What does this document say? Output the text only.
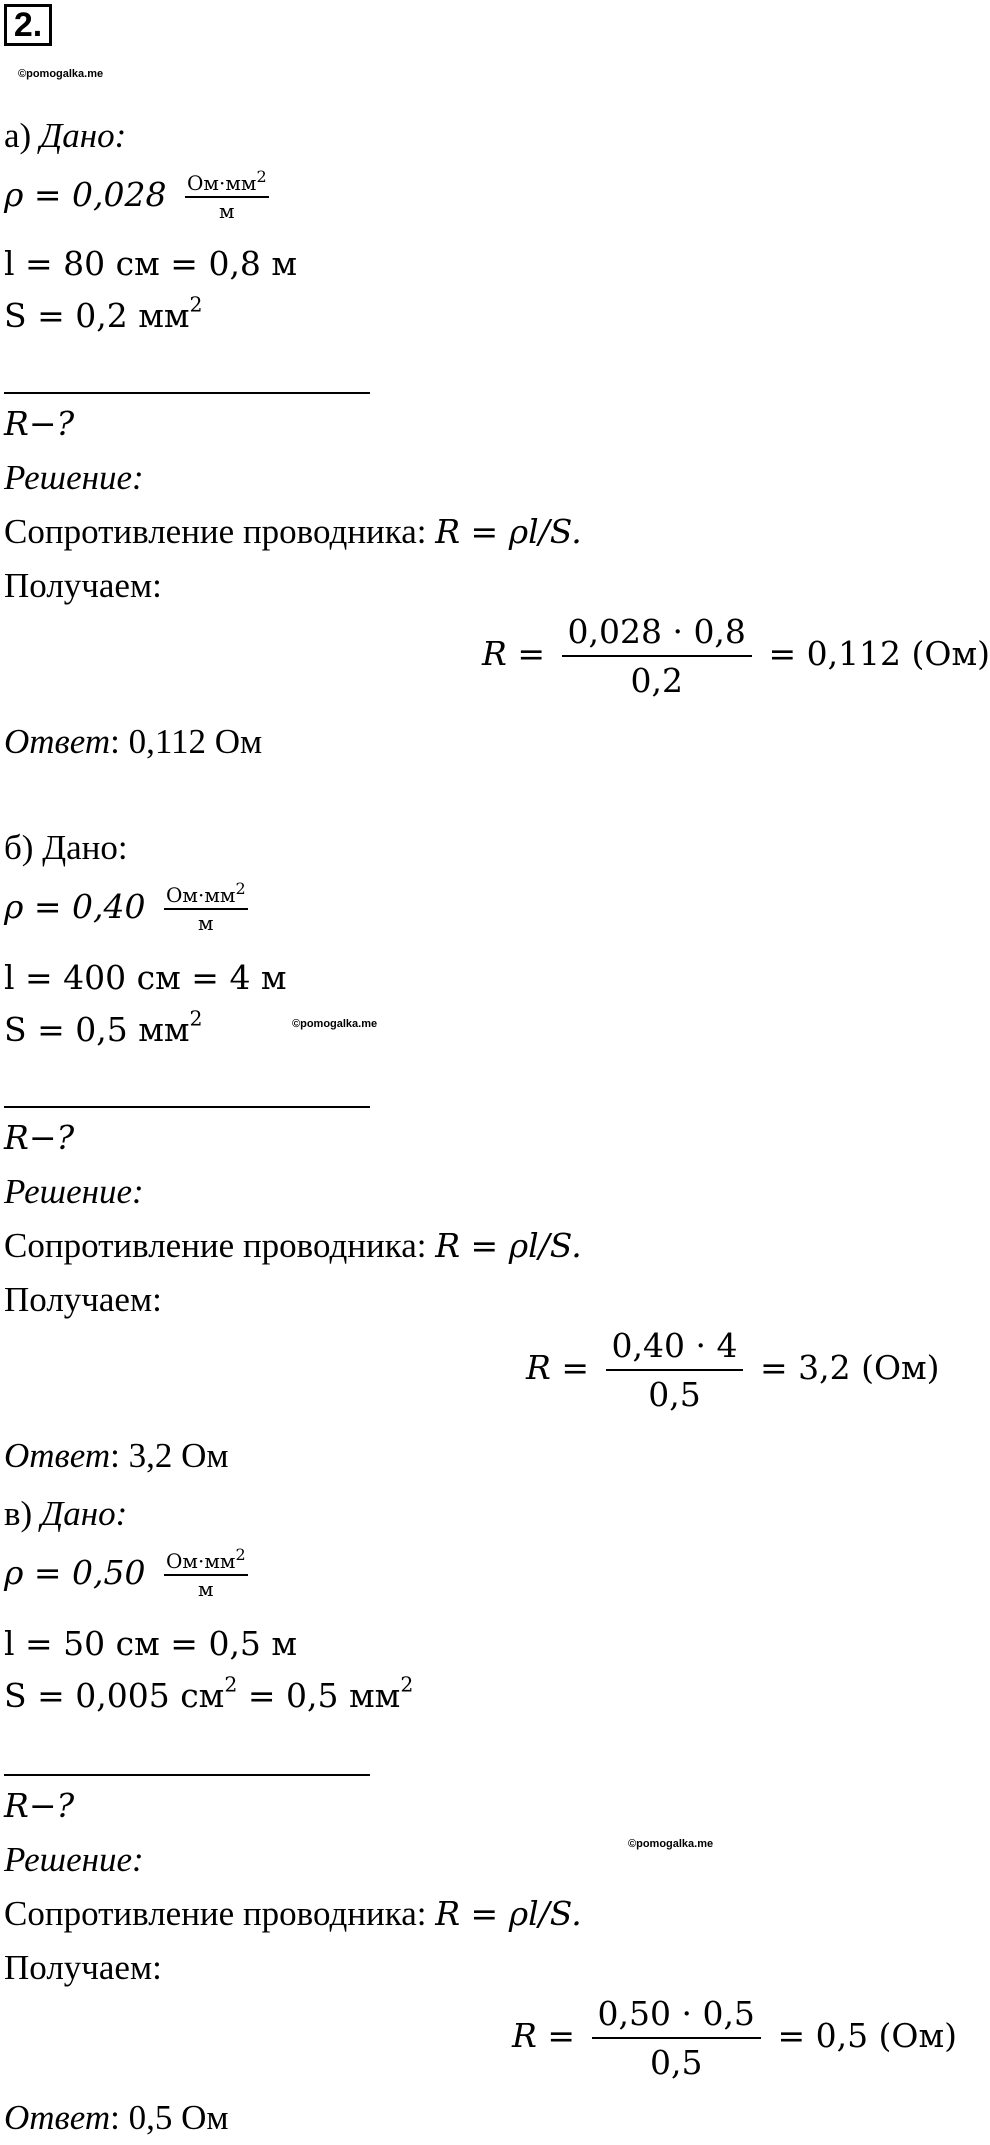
2.
©pomogalka.me
а) Дано:
ρ = 0,028 $Ом\cdot мм^2$
м
l = 80 см = 0,8 м
S = 0,2 $мм^2$
R−?
Решение:
Сопротивление проводника: R = ρl/S.
Получаем:
$R = \frac{0,028 \cdot 0,8}{0,2} = 0,112$ (Ом)
Ответ: 0,112 Ом
б) Дано:
ρ = 0,40 $Ом\cdot мм^2$
м
l = 400 см = 4 м
S = 0,5 $мм^2$	©pomogalka.me
R−?
Решение:
Сопротивление проводника: R = ρl/S.
Получаем:
$R = \frac{0,40 \cdot 4}{0,5} = 3,2$ (Ом)
Ответ: 3,2 Ом
в) Дано:
ρ = 0,50 $Ом\cdot мм^2$
м
l = 50 см = 0,5 м
S = 0,005 $см^2 = 0,5$ $мм^2$
R−?
©pomogalka.me
Решение:
Сопротивление проводника: R = ρl/S.
Получаем:
$R = \frac{0,50 \cdot 0,5}{0,5} = 0,5$ (Ом)
Ответ: 0,5 Ом
